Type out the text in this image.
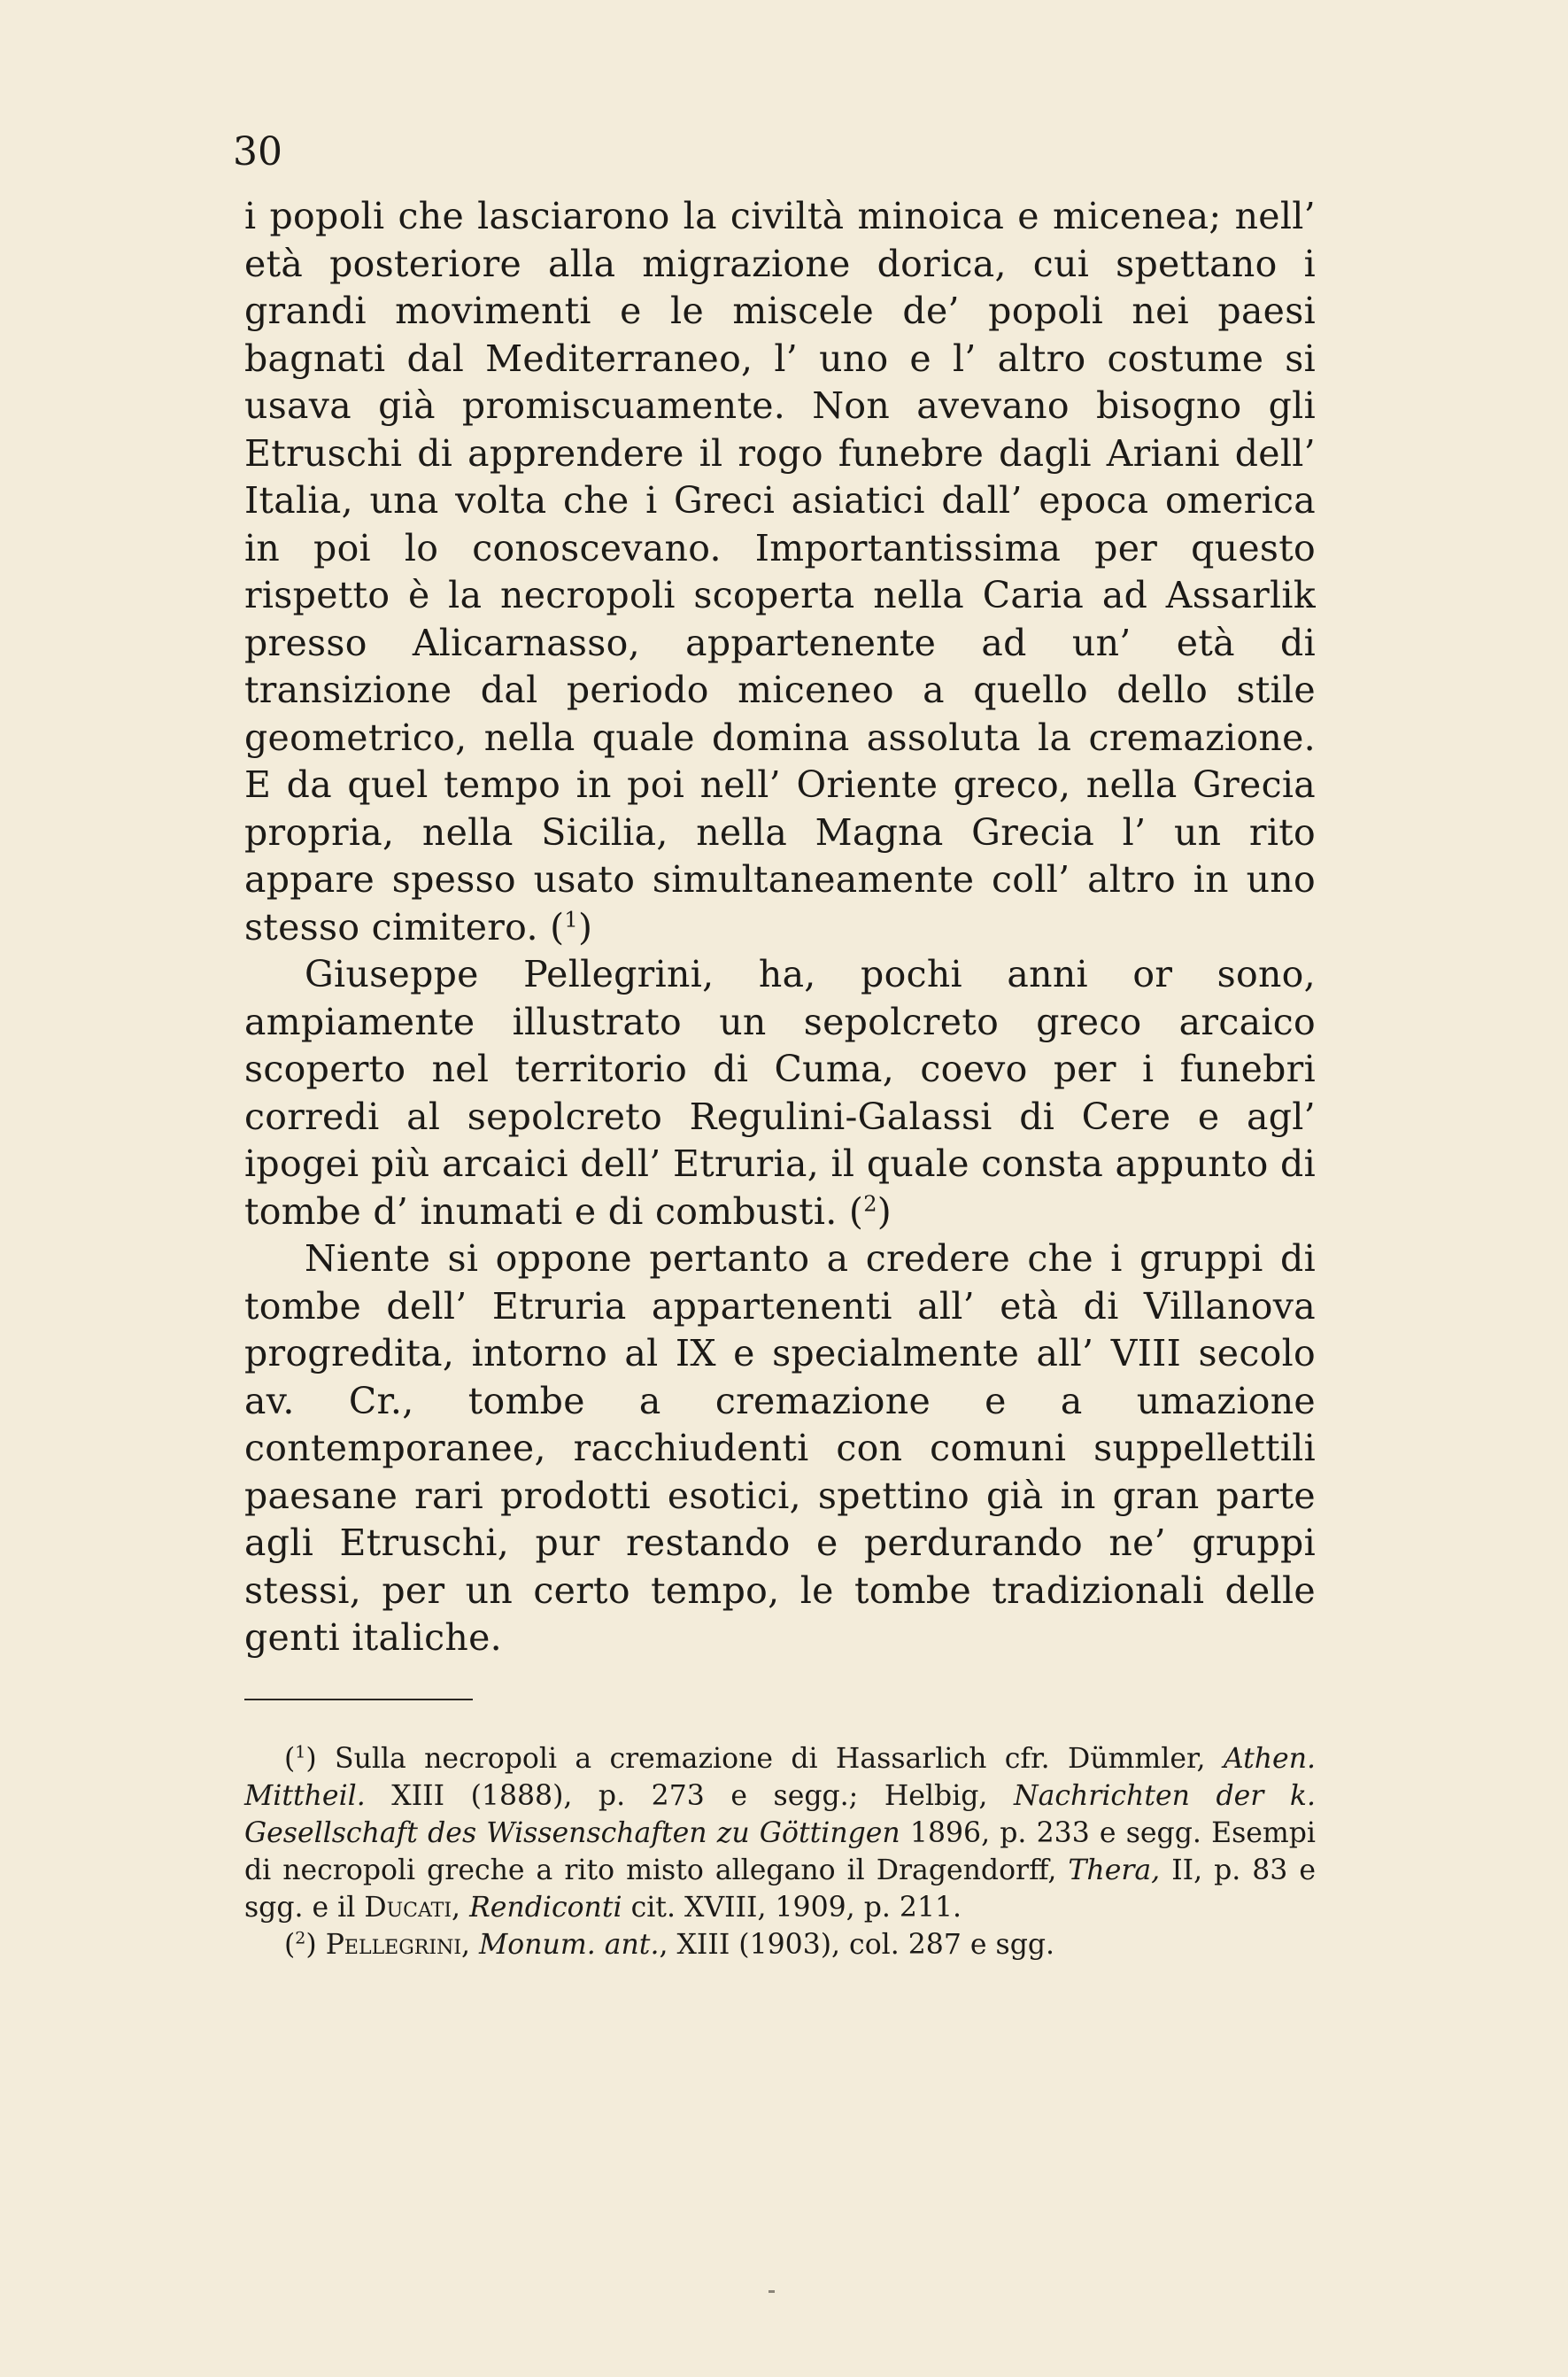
30

i popoli che lasciarono la civiltà minoica e micenea; nell’ età posteriore alla migrazione dorica, cui spettano i grandi movimenti e le miscele de’ popoli nei paesi bagnati dal Mediterraneo, l’ uno e l’ altro costume si usava già promiscuamente. Non avevano bisogno gli Etruschi di apprendere il rogo funebre dagli Ariani dell’ Italia, una volta che i Greci asiatici dall’ epoca omerica in poi lo conoscevano. Importantissima per questo rispetto è la necropoli scoperta nella Caria ad Assarlik presso Alicarnasso, appartenente ad un’ età di transizione dal periodo miceneo a quello dello stile geometrico, nella quale domina assoluta la cremazione. E da quel tempo in poi nell’ Oriente greco, nella Grecia propria, nella Sicilia, nella Magna Grecia l’ un rito appare spesso usato simultaneamente coll’ altro in uno stesso cimitero. ($^1$)

Giuseppe Pellegrini, ha, pochi anni or sono, ampiamente illustrato un sepolcreto greco arcaico scoperto nel territorio di Cuma, coevo per i funebri corredi al sepolcreto Regulini-Galassi di Cere e agl’ ipogei più arcaici dell’ Etruria, il quale consta appunto di tombe d’ inumati e di combusti. ($^2$)

Niente si oppone pertanto a credere che i gruppi di tombe dell’ Etruria appartenenti all’ età di Villanova progredita, intorno al IX e specialmente all’ VIII secolo av. Cr., tombe a cremazione e a umazione contemporanee, racchiudenti con comuni suppellettili paesane rari prodotti esotici, spettino già in gran parte agli Etruschi, pur restando e perdurando ne’ gruppi stessi, per un certo tempo, le tombe tradizionali delle genti italiche.

($^1$) Sulla necropoli a cremazione di Hassarlich cfr. Dümmler, Athen. Mittheil. XIII (1888), p. 273 e segg.; Helbig, Nachrichten der k. Gesellschaft des Wissenschaften zu Göttingen 1896, p. 233 e segg. Esempi di necropoli greche a rito misto allegano il Dragendorff, Thera, II, p. 83 e sgg. e il Ducati, Rendiconti cit. XVIII, 1909, p. 211.

($^2$) Pellegrini, Monum. ant., XIII (1903), col. 287 e sgg.
